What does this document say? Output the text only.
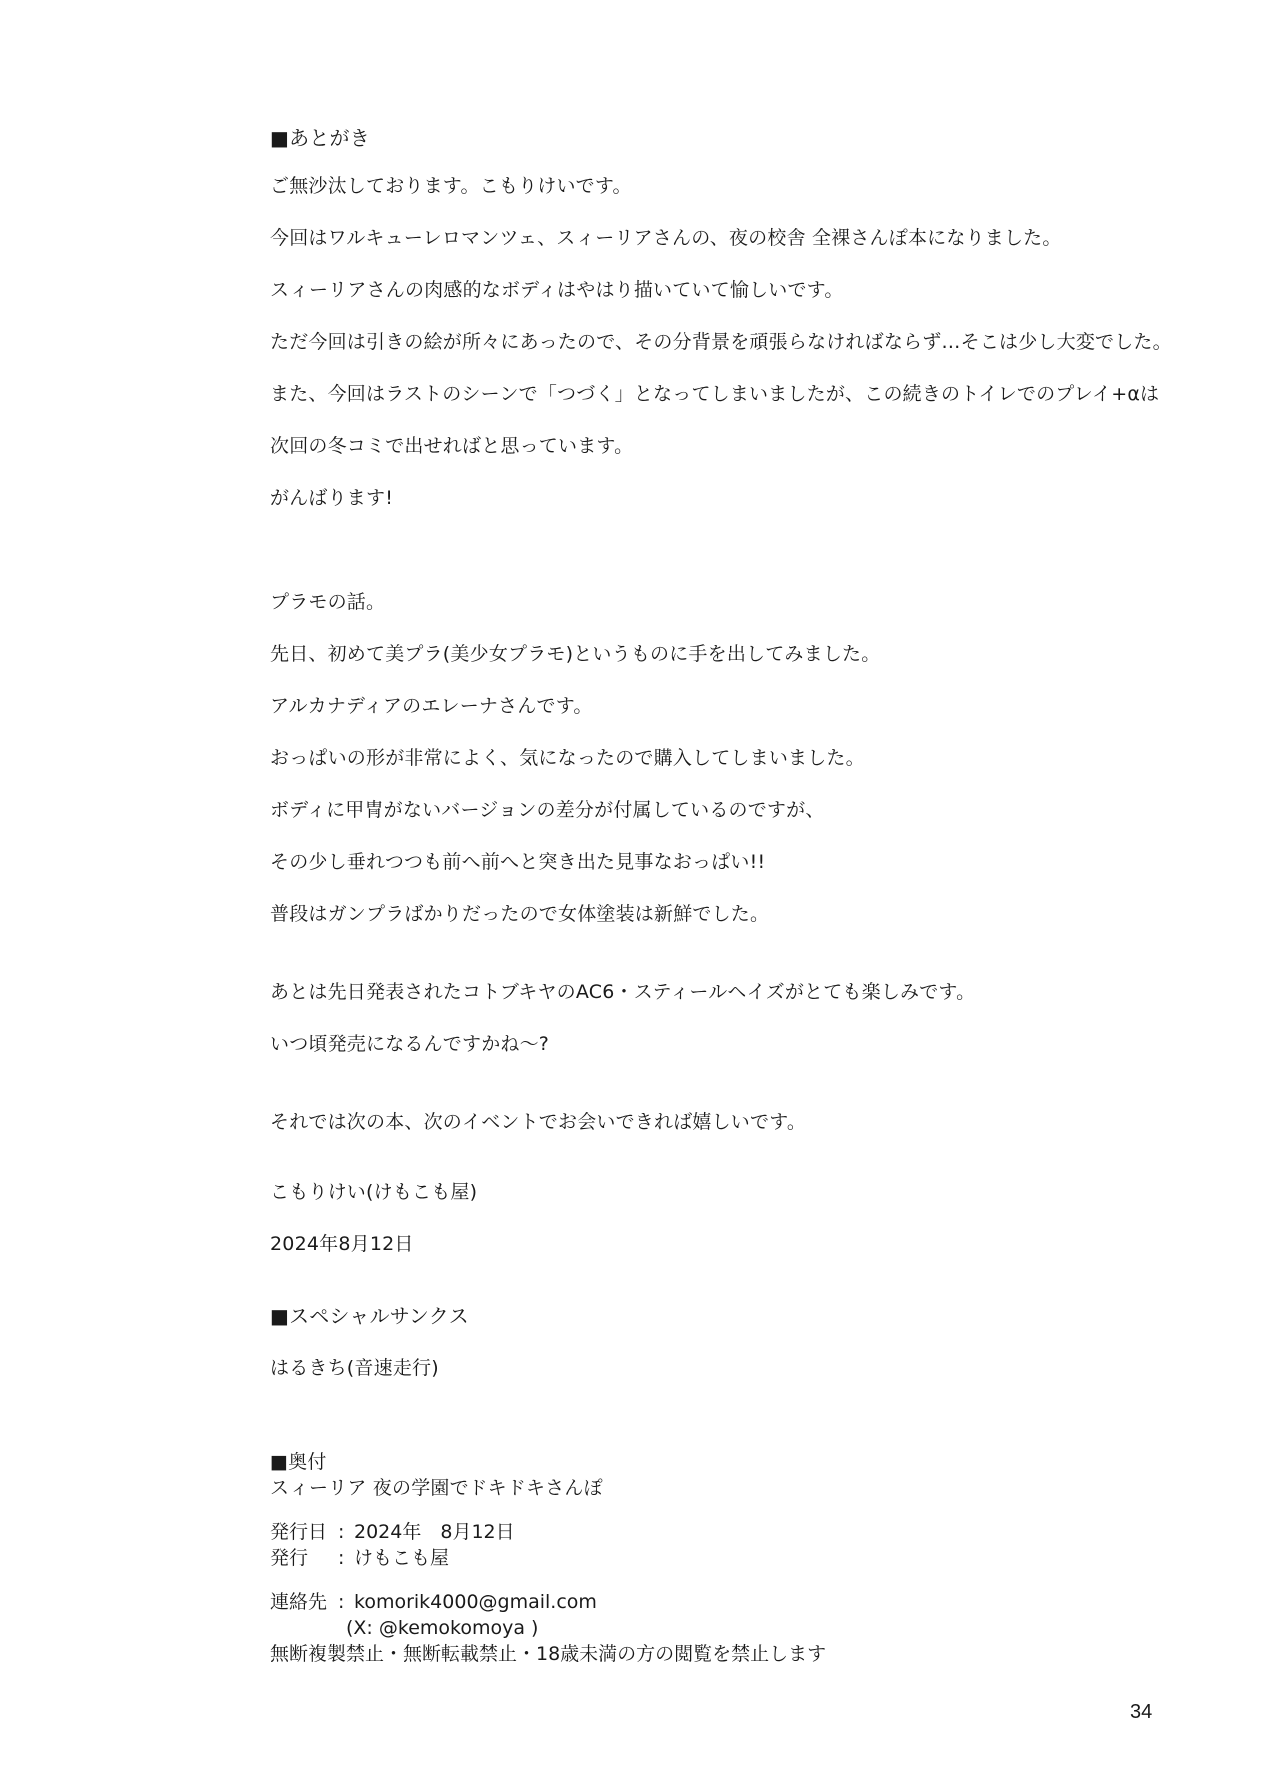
■あとがき
ご無沙汰しております。こもりけいです。
今回はワルキューレロマンツェ、スィーリアさんの、夜の校舎 全裸さんぽ本になりました。
スィーリアさんの肉感的なボディはやはり描いていて愉しいです。
ただ今回は引きの絵が所々にあったので、その分背景を頑張らなければならず…そこは少し大変でした。
また、今回はラストのシーンで「つづく」となってしまいましたが、この続きのトイレでのプレイ+αは
次回の冬コミで出せればと思っています。
がんばります!
プラモの話。
先日、初めて美プラ(美少女プラモ)というものに手を出してみました。
アルカナディアのエレーナさんです。
おっぱいの形が非常によく、気になったので購入してしまいました。
ボディに甲冑がないバージョンの差分が付属しているのですが、
その少し垂れつつも前へ前へと突き出た見事なおっぱい!!
普段はガンプラばかりだったので女体塗装は新鮮でした。
あとは先日発表されたコトブキヤのAC6・スティールヘイズがとても楽しみです。
いつ頃発売になるんですかね～?
それでは次の本、次のイベントでお会いできれば嬉しいです。
こもりけい(けもこも屋)
2024年8月12日
■スペシャルサンクス
はるきち(音速走行)
■奥付
スィーリア 夜の学園でドキドキさんぽ
発行日 : 2024年　8月12日
発行 : けもこも屋
連絡先 : komorik4000@gmail.com
(X: @kemokomoya )
無断複製禁止・無断転載禁止・18歳未満の方の閲覧を禁止します
34
